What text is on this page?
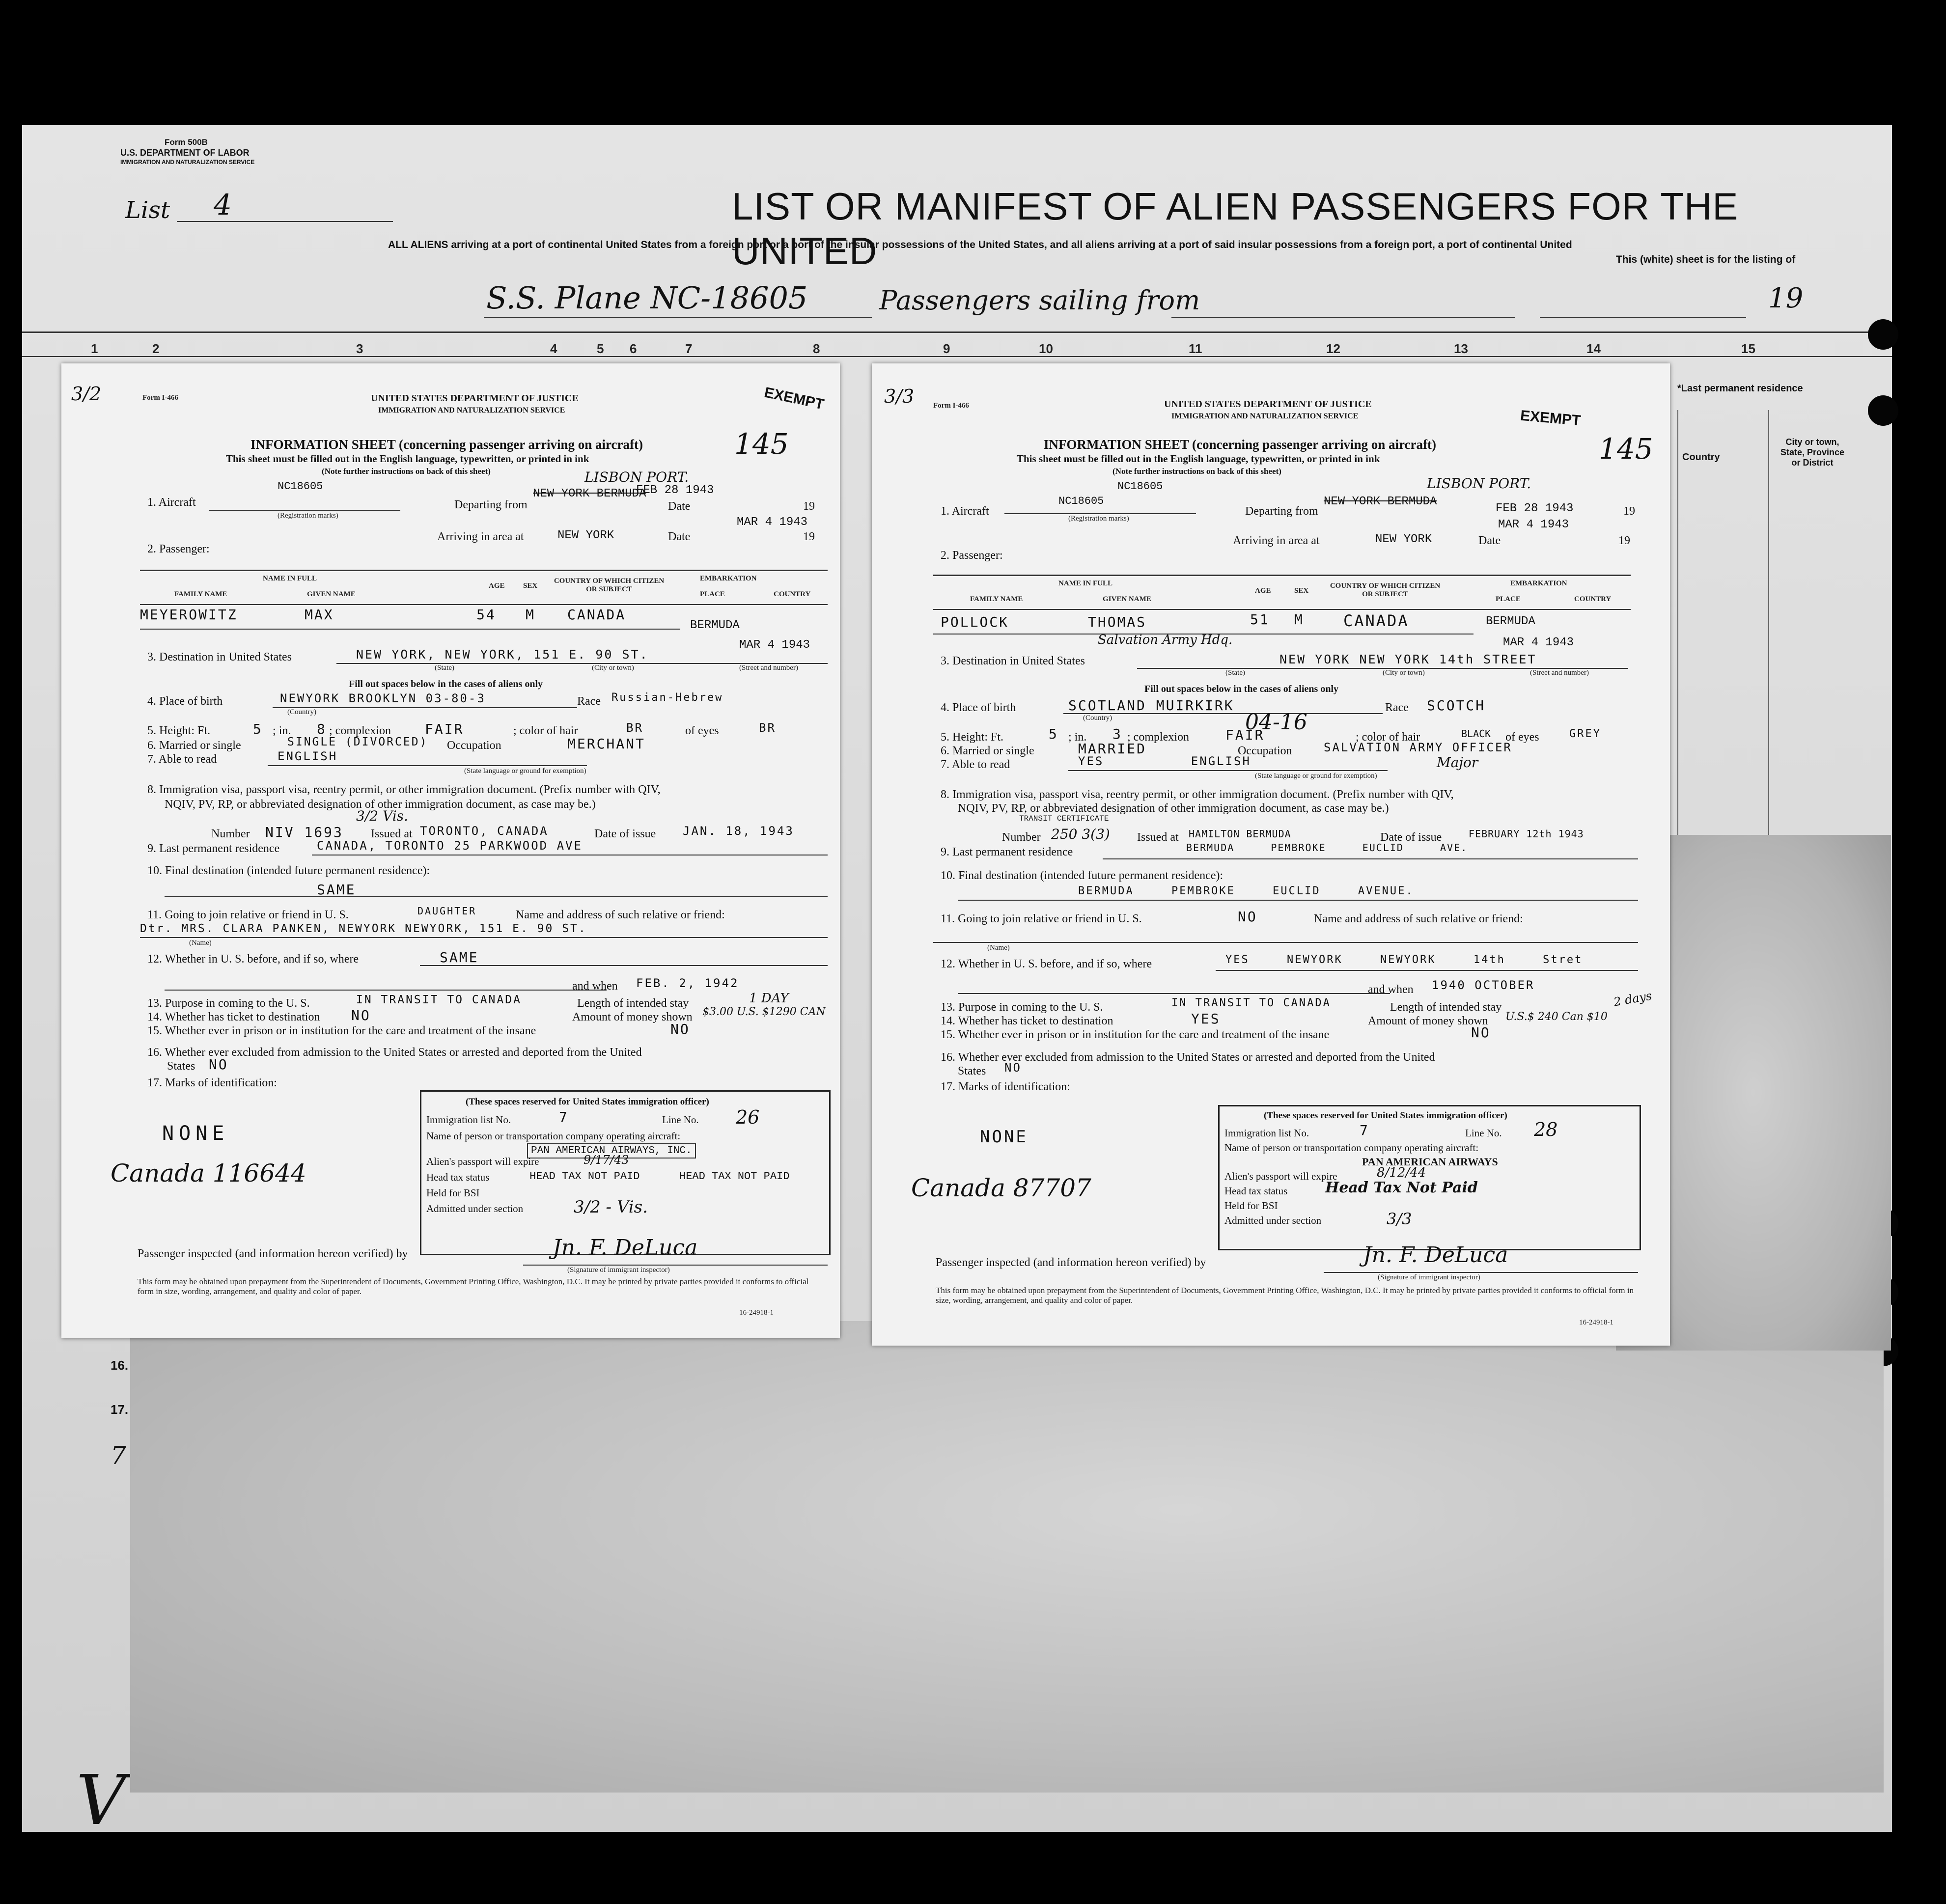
Form 500B
U.S. DEPARTMENT OF LABOR
IMMIGRATION AND NATURALIZATION SERVICE
List 4	LIST OR MANIFEST OF ALIEN PASSENGERS FOR THE UNITED
ALL ALIENS arriving at a port of continental United States from a foreign port or a port of the insular possessions of the United States, and all aliens arriving at a port of said insular possessions from a foreign port, a port of continental United
This (white) sheet is for the listing of
S.S. Plane NC-18605	Passengers sailing from	19
*Last permanent residence
Country
City or town, State, Province or District
16.
17.
7
V
1	2	3	4	5 6	7	8	9	10	11	12	13	14	15
3/2	Form I-466	UNITED STATES DEPARTMENT OF JUSTICE
IMMIGRATION AND NATURALIZATION SERVICE	EXEMPT
145
INFORMATION SHEET (concerning passenger arriving on aircraft)
This sheet must be filled out in the English language, typewritten, or printed in ink
(Note further instructions on back of this sheet)
NC18605
1. Aircraft
(Registration marks)
Departing from
NEW YORK BERMUDA
LISBON PORT.
Date
FEB 28 1943
19
MAR 4 1943
Arriving in area at	NEW YORK	Date	19
2. Passenger:
NAME IN FULL
FAMILY NAME	GIVEN NAME
AGE SEX
COUNTRY OF WHICH CITIZEN OR SUBJECT
EMBARKATION
PLACE	COUNTRY
MEYEROWITZ	MAX	54 M CANADA
BERMUDA
MAR 4 1943
3. Destination in United States	NEW YORK, NEW YORK, 151 E. 90 ST.
(State)	(City or town)	(Street and number)
Fill out spaces below in the cases of aliens only
4. Place of birth	NEWYORK BROOKLYN 03-80-3	Race Russian-Hebrew
(Country)
5. Height: Ft.	5 ; in. 8 ; complexion FAIR	; color of hair	BR	of eyes	BR
6. Married or single	SINGLE (DIVORCED) Occupation	MERCHANT
7. Able to read	ENGLISH
(State language or ground for exemption)
8. Immigration visa, passport visa, reentry permit, or other immigration document. (Prefix number with QIV,
NQIV, PV, RP, or abbreviated designation of other immigration document, as case may be.)
3/2 Vis.
Number NIV 1693 Issued at TORONTO, CANADA	Date of issue JAN. 18, 1943
9. Last permanent residence	CANADA, TORONTO 25 PARKWOOD AVE
10. Final destination (intended future permanent residence):
SAME
11. Going to join relative or friend in U. S.	DAUGHTER	Name and address of such relative or friend:
Dtr. MRS. CLARA PANKEN, NEWYORK NEWYORK, 151 E. 90 ST.
(Name)
12. Whether in U. S. before, and if so, where	SAME
and when FEB. 2, 1942
13. Purpose in coming to the U. S.	IN TRANSIT TO CANADA	Length of intended stay	1 DAY
14. Whether has ticket to destination NO	Amount of money shown $3.00 U.S. $1290 CAN
15. Whether ever in prison or in institution for the care and treatment of the insane	NO
16. Whether ever excluded from admission to the United States or arrested and deported from the United
States NO
17. Marks of identification:
NONE
Canada 116644
(These spaces reserved for United States immigration officer)
Immigration list No.	7	Line No. 26
Name of person or transportation company operating aircraft:
PAN AMERICAN AIRWAYS, INC.
Alien's passport will expire	9/17/43
Head tax status	HEAD TAX NOT PAID	HEAD TAX NOT PAID
Held for BSI
Admitted under section	3/2 - Vis.
Passenger inspected (and information hereon verified) by	Jn. F. DeLuca
(Signature of immigrant inspector)
This form may be obtained upon prepayment from the Superintendent of Documents, Government Printing Office, Washington, D.C. It may be printed by private parties provided it conforms to official form in size, wording, arrangement, and quality and color of paper.
16-24918-1
3/3	Form I-466	UNITED STATES DEPARTMENT OF JUSTICE
IMMIGRATION AND NATURALIZATION SERVICE	EXEMPT
145
INFORMATION SHEET (concerning passenger arriving on aircraft)
This sheet must be filled out in the English language, typewritten, or printed in ink
(Note further instructions on back of this sheet)
NC18605
1. Aircraft
NC18605
(Registration marks)
Departing from
NEW YORK BERMUDA
LISBON PORT.
FEB 28 1943	19
MAR 4 1943
Arriving in area at	NEW YORK	Date	19
2. Passenger:
NAME IN FULL
FAMILY NAME	GIVEN NAME
AGE	SEX
COUNTRY OF WHICH CITIZEN OR SUBJECT
EMBARKATION
PLACE	COUNTRY
POLLOCK	THOMAS	51 M	CANADA	BERMUDA
MAR 4 1943
Salvation Army Hdq.
3. Destination in United States	NEW YORK NEW YORK 14th STREET
(State)	(City or town)	(Street and number)
Fill out spaces below in the cases of aliens only
4. Place of birth	SCOTLAND MUIRKIRK	Race SCOTCH
(Country)	04-16
5. Height: Ft.	5 ; in. 3 ; complexion	FAIR	; color of hair	BLACK of eyes	GREY
6. Married or single	MARRIED	Occupation	SALVATION ARMY OFFICER
7. Able to read	YES ENGLISH	Major
(State language or ground for exemption)
8. Immigration visa, passport visa, reentry permit, or other immigration document. (Prefix number with QIV,
NQIV, PV, RP, or abbreviated designation of other immigration document, as case may be.)
TRANSIT CERTIFICATE
Number 250 3(3) Issued at HAMILTON BERMUDA	Date of issue	FEBRUARY 12th 1943
9. Last permanent residence	BERMUDA PEMBROKE EUCLID AVE.
10. Final destination (intended future permanent residence):
BERMUDA PEMBROKE EUCLID AVENUE.
11. Going to join relative or friend in U. S.	NO	Name and address of such relative or friend:
(Name)
12. Whether in U. S. before, and if so, where	YES NEWYORK NEWYORK 14th Stret
and when 1940 OCTOBER
13. Purpose in coming to the U. S.	IN TRANSIT TO CANADA	Length of intended stay	2 days
14. Whether has ticket to destination	YES	Amount of money shown U.S.$ 240 Can $10
15. Whether ever in prison or in institution for the care and treatment of the insane	NO
16. Whether ever excluded from admission to the United States or arrested and deported from the United
States NO
17. Marks of identification:
NONE
Canada 87707
(These spaces reserved for United States immigration officer)
Immigration list No.	7	Line No. 28
Name of person or transportation company operating aircraft:
PAN AMERICAN AIRWAYS
Alien's passport will expire	8/12/44
Head tax status	Head Tax Not Paid
Held for BSI
Admitted under section	3/3
Passenger inspected (and information hereon verified) by	Jn. F. DeLuca
(Signature of immigrant inspector)
This form may be obtained upon prepayment from the Superintendent of Documents, Government Printing Office, Washington, D.C. It may be printed by private parties provided it conforms to official form in size, wording, arrangement, and quality and color of paper.
16-24918-1
